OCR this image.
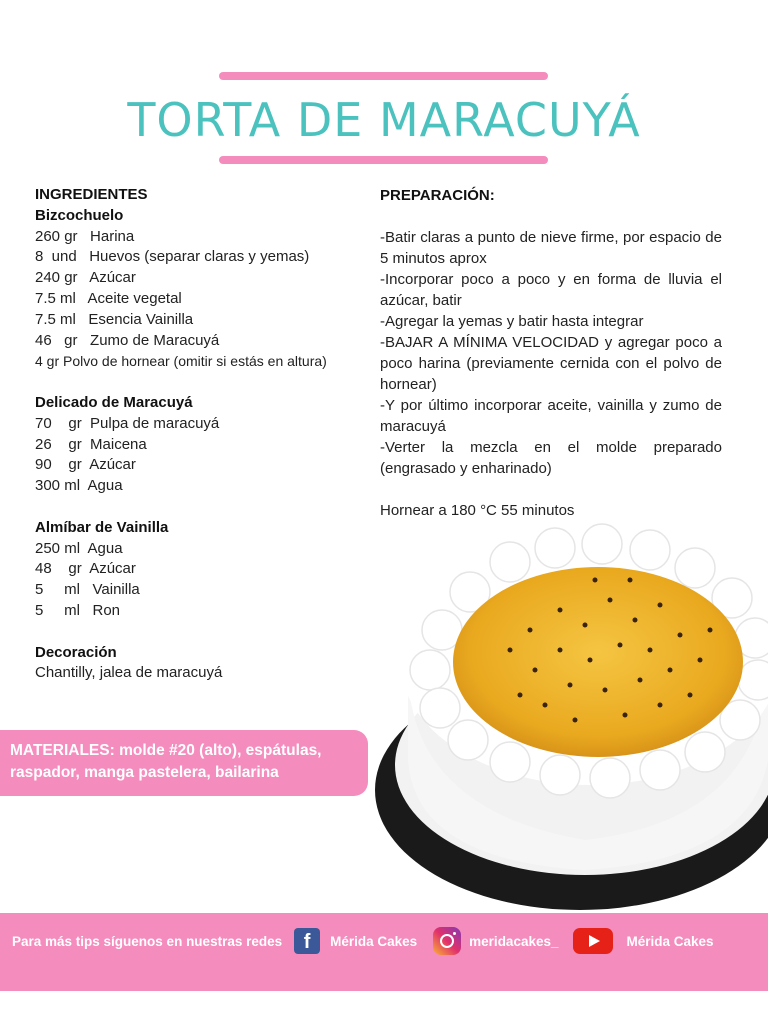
TORTA DE MARACUYÁ
INGREDIENTES
Bizcochuelo
260 gr   Harina
8  und   Huevos (separar claras y yemas)
240 gr   Azúcar
7.5 ml   Aceite vegetal
7.5 ml   Esencia Vainilla
46   gr   Zumo de Maracuyá
4 gr Polvo de hornear (omitir si estás en altura)
Delicado de Maracuyá
70    gr  Pulpa de maracuyá
26    gr  Maicena
90    gr  Azúcar
300 ml  Agua
Almíbar de Vainilla
250 ml  Agua
48    gr  Azúcar
5     ml   Vainilla
5     ml   Ron
Decoración
Chantilly, jalea de maracuyá
PREPARACIÓN:
-Batir claras a punto de nieve firme, por espacio de 5 minutos aprox
-Incorporar poco a poco y en forma de lluvia el azúcar, batir
-Agregar la yemas y batir hasta integrar
-BAJAR A MÍNIMA VELOCIDAD y agregar poco a poco harina (previamente cernida con el polvo de hornear)
-Y por último incorporar aceite, vainilla y zumo de maracuyá
-Verter la mezcla en el molde preparado (engrasado y enharinado)
Hornear a 180 °C 55 minutos
MATERIALES: molde #20 (alto), espátulas, raspador, manga pastelera, bailarina
Para más tips síguenos en nuestras redes	f	Mérida Cakes	meridacakes_	Mérida Cakes
